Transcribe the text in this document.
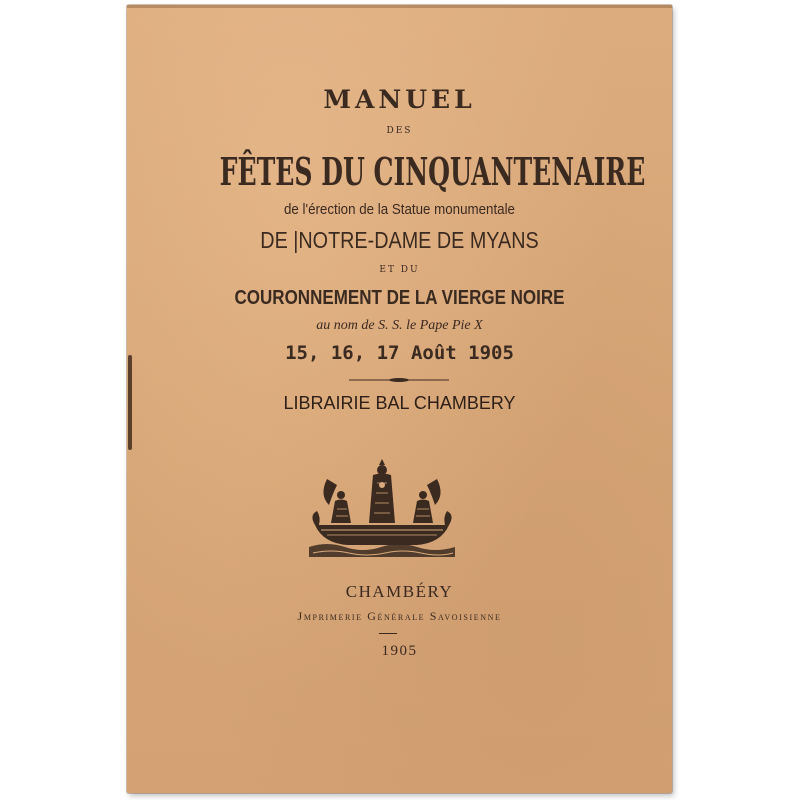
MANUEL
DES
FÊTES DU CINQUANTENAIRE
de l'érection de la Statue monumentale
DE |NOTRE-DAME DE MYANS
ET DU
COURONNEMENT DE LA VIERGE NOIRE
au nom de S. S. le Pape Pie X
15, 16, 17 Août 1905
LIBRAIRIE BAL CHAMBERY
CHAMBÉRY
Jmprimerie Générale Savoisienne
1905
